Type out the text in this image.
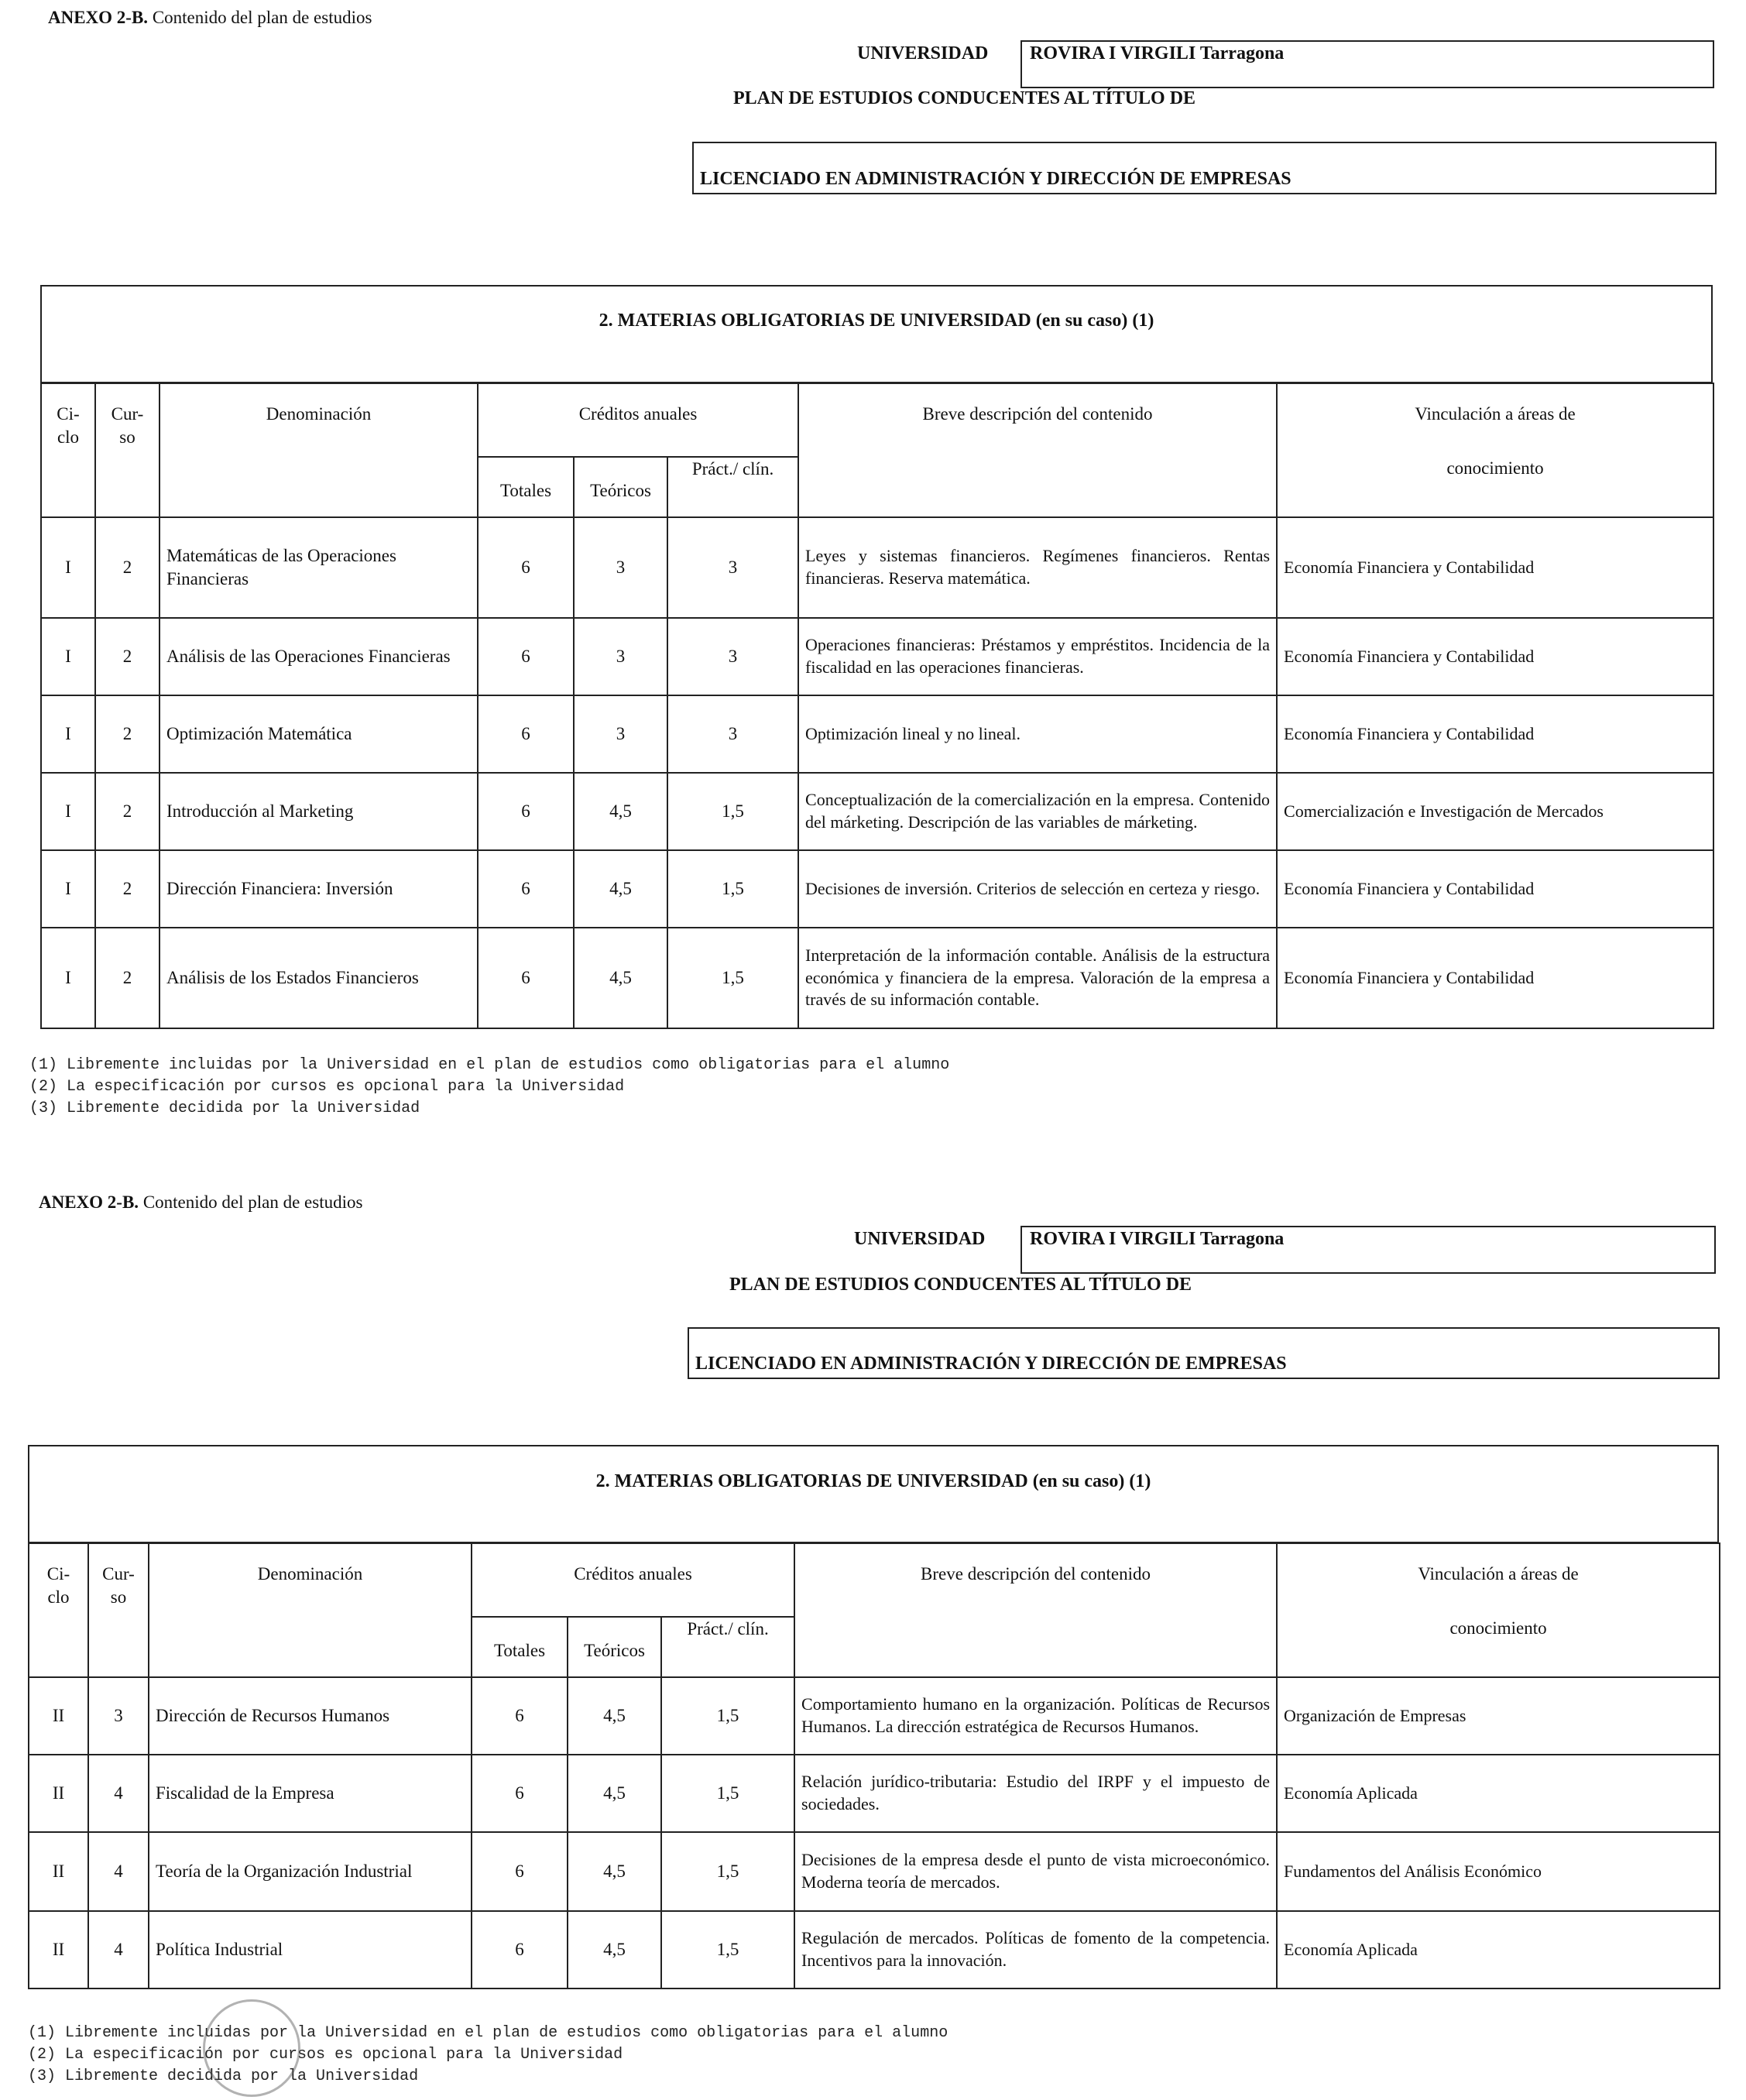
ANEXO 2-B. Contenido del plan de estudios
UNIVERSIDAD	ROVIRA I VIRGILI Tarragona
PLAN DE ESTUDIOS CONDUCENTES AL TÍTULO DE
LICENCIADO EN ADMINISTRACIÓN Y DIRECCIÓN DE EMPRESAS
2. MATERIAS OBLIGATORIAS DE UNIVERSIDAD (en su caso) (1)
Ci- clo	Cur- so	Denominación	Créditos anuales			Breve descripción del contenido	Vinculación a áreas de
conocimiento

			Totales	Teóricos	Práct./ clín.		
I	2	Matemáticas de las Operaciones Financieras	6	3	3	Leyes y sistemas financieros. Regímenes financieros. Rentas financieras. Reserva matemática.	Economía Financiera y Contabilidad
I	2	Análisis de las Operaciones Financieras	6	3	3	Operaciones financieras: Préstamos y empréstitos. Incidencia de la fiscalidad en las operaciones financieras.	Economía Financiera y Contabilidad
I	2	Optimización Matemática	6	3	3	Optimización lineal y no lineal.	Economía Financiera y Contabilidad
I	2	Introducción al Marketing	6	4,5	1,5	Conceptualización de la comercialización en la empresa. Contenido del márketing. Descripción de las variables de márketing.	Comercialización e Investigación de Mercados
I	2	Dirección Financiera: Inversión	6	4,5	1,5	Decisiones de inversión. Criterios de selección en certeza y riesgo.	Economía Financiera y Contabilidad
I	2	Análisis de los Estados Financieros	6	4,5	1,5	Interpretación de la información contable. Análisis de la estructura económica y financiera de la empresa. Valoración de la empresa a través de su información contable.	Economía Financiera y Contabilidad
(1) Libremente incluidas por la Universidad en el plan de estudios como obligatorias para el alumno
(2) La especificación por cursos es opcional para la Universidad
(3) Libremente decidida por la Universidad
ANEXO 2-B. Contenido del plan de estudios
UNIVERSIDAD	ROVIRA I VIRGILI Tarragona
PLAN DE ESTUDIOS CONDUCENTES AL TÍTULO DE
LICENCIADO EN ADMINISTRACIÓN Y DIRECCIÓN DE EMPRESAS
2. MATERIAS OBLIGATORIAS DE UNIVERSIDAD (en su caso) (1)
Ci- clo	Cur- so	Denominación	Créditos anuales			Breve descripción del contenido	Vinculación a áreas de
conocimiento

			Totales	Teóricos	Práct./ clín.		
II	3	Dirección de Recursos Humanos	6	4,5	1,5	Comportamiento humano en la organización. Políticas de Recursos Humanos. La dirección estratégica de Recursos Humanos.	Organización de Empresas
II	4	Fiscalidad de la Empresa	6	4,5	1,5	Relación jurídico-tributaria: Estudio del IRPF y el impuesto de sociedades.	Economía Aplicada
II	4	Teoría de la Organización Industrial	6	4,5	1,5	Decisiones de la empresa desde el punto de vista microeconómico. Moderna teoría de mercados.	Fundamentos del Análisis Económico
II	4	Política Industrial	6	4,5	1,5	Regulación de mercados. Políticas de fomento de la competencia. Incentivos para la innovación.	Economía Aplicada
(1) Libremente incluidas por la Universidad en el plan de estudios como obligatorias para el alumno
(2) La especificación por cursos es opcional para la Universidad
(3) Libremente decidida por la Universidad
